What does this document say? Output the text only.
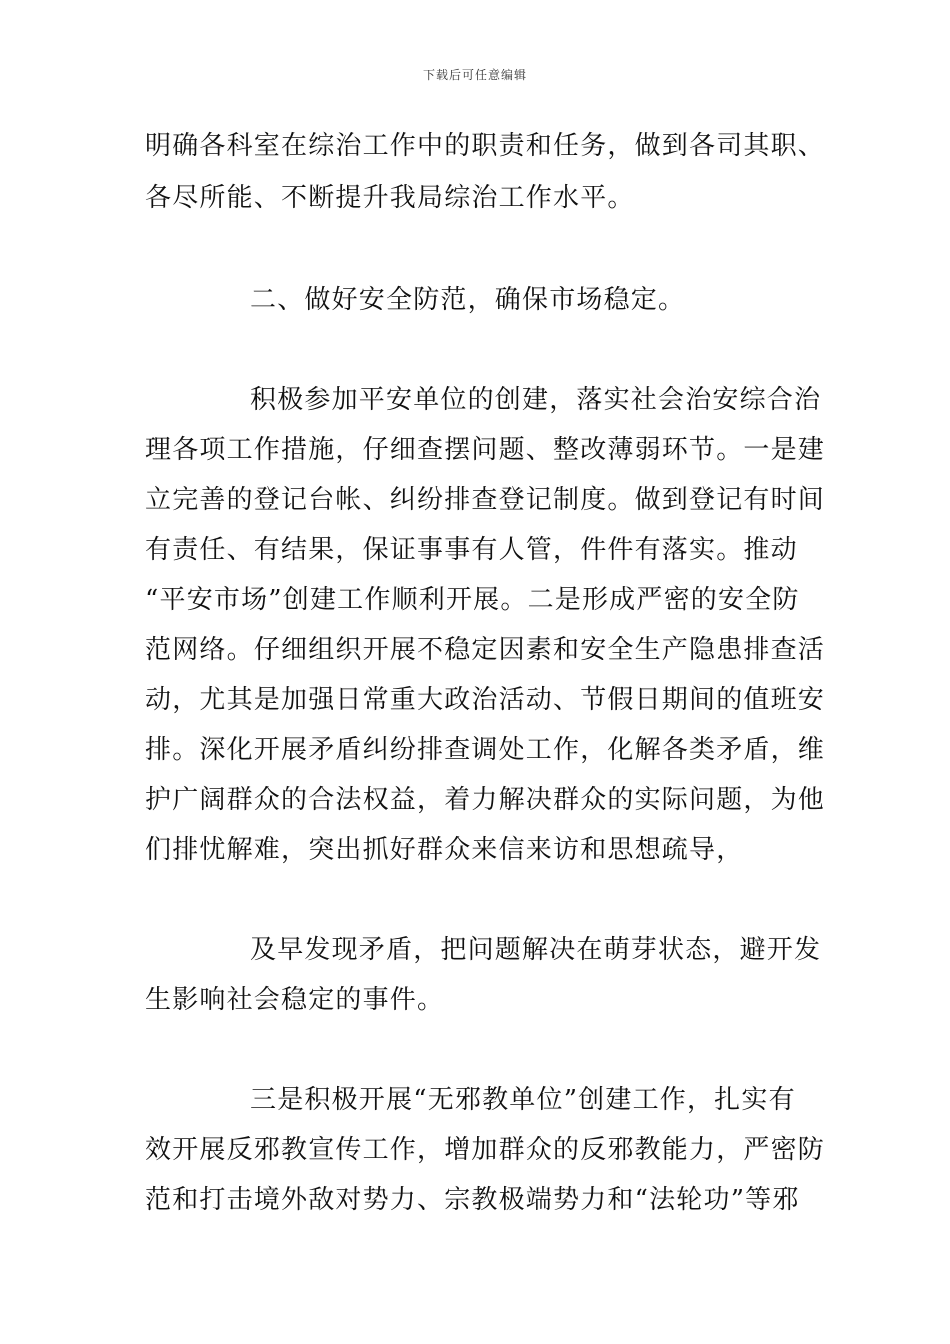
下载后可任意编辑
明确各科室在综治工作中的职责和任务，做到各司其职、
各尽所能、不断提升我局综治工作水平。
二、做好安全防范，确保市场稳定。
积极参加平安单位的创建，落实社会治安综合治
理各项工作措施，仔细查摆问题、整改薄弱环节。一是建
立完善的登记台帐、纠纷排查登记制度。做到登记有时间
有责任、有结果，保证事事有人管，件件有落实。推动
“平安市场”创建工作顺利开展。二是形成严密的安全防
范网络。仔细组织开展不稳定因素和安全生产隐患排查活
动，尤其是加强日常重大政治活动、节假日期间的值班安
排。深化开展矛盾纠纷排查调处工作，化解各类矛盾，维
护广阔群众的合法权益，着力解决群众的实际问题，为他
们排忧解难，突出抓好群众来信来访和思想疏导，
及早发现矛盾，把问题解决在萌芽状态，避开发
生影响社会稳定的事件。
三是积极开展“无邪教单位”创建工作，扎实有
效开展反邪教宣传工作，增加群众的反邪教能力，严密防
范和打击境外敌对势力、宗教极端势力和“法轮功”等邪
